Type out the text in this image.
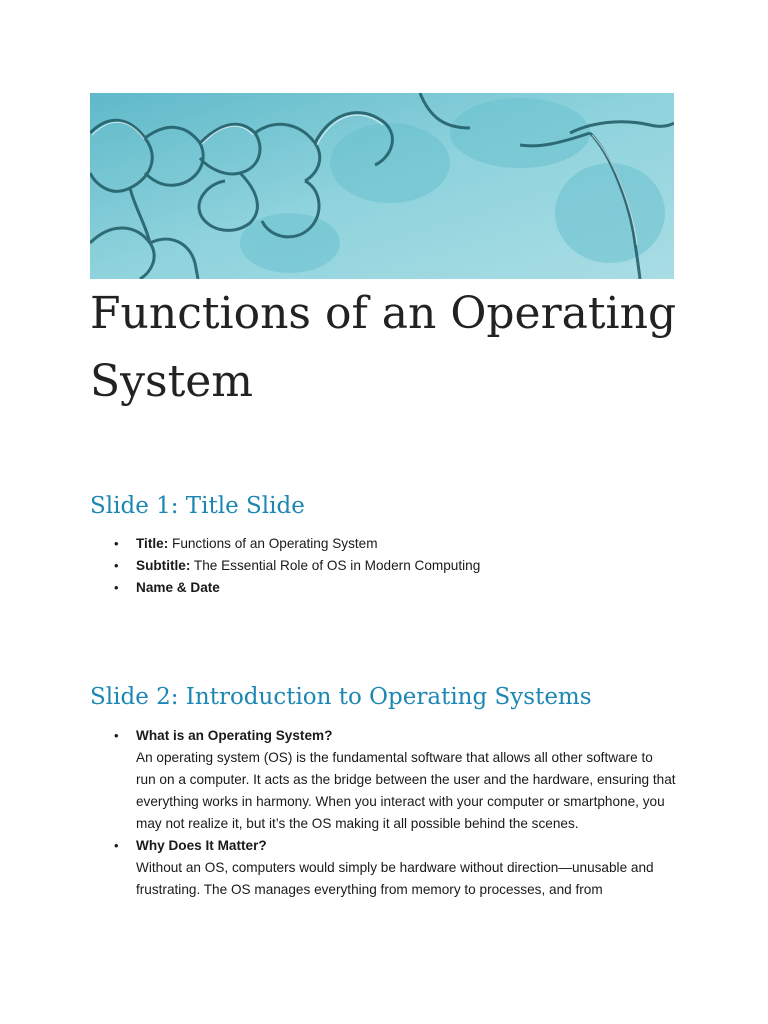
Functions of an Operating System
Slide 1: Title Slide
• Title: Functions of an Operating System
• Subtitle: The Essential Role of OS in Modern Computing
• Name & Date
Slide 2: Introduction to Operating Systems
• What is an Operating System?
An operating system (OS) is the fundamental software that allows all other software to run on a computer. It acts as the bridge between the user and the hardware, ensuring that everything works in harmony. When you interact with your computer or smartphone, you may not realize it, but it’s the OS making it all possible behind the scenes.
• Why Does It Matter?
Without an OS, computers would simply be hardware without direction—unusable and frustrating. The OS manages everything from memory to processes, and from
